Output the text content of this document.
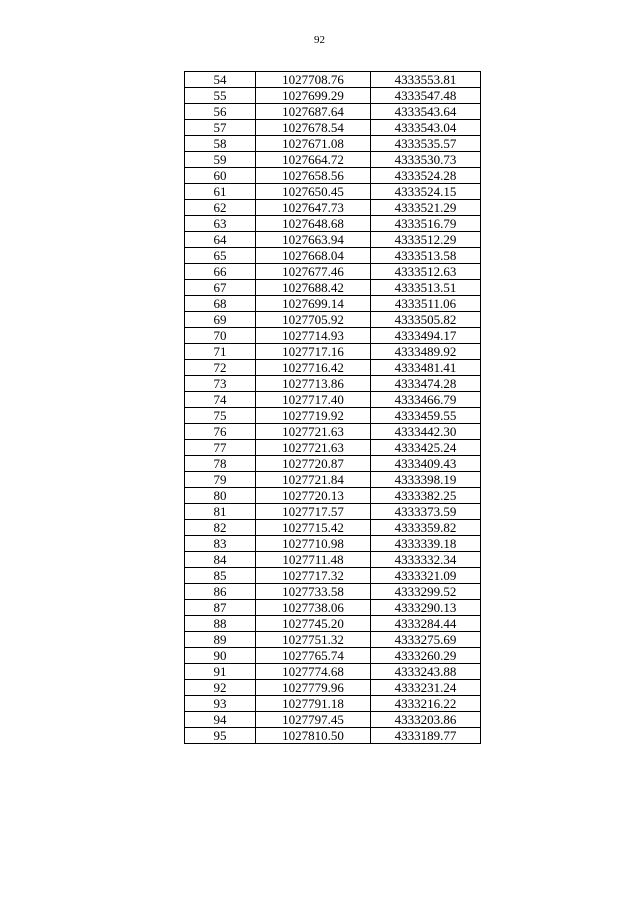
92
54	1027708.76	4333553.81
55	1027699.29	4333547.48
56	1027687.64	4333543.64
57	1027678.54	4333543.04
58	1027671.08	4333535.57
59	1027664.72	4333530.73
60	1027658.56	4333524.28
61	1027650.45	4333524.15
62	1027647.73	4333521.29
63	1027648.68	4333516.79
64	1027663.94	4333512.29
65	1027668.04	4333513.58
66	1027677.46	4333512.63
67	1027688.42	4333513.51
68	1027699.14	4333511.06
69	1027705.92	4333505.82
70	1027714.93	4333494.17
71	1027717.16	4333489.92
72	1027716.42	4333481.41
73	1027713.86	4333474.28
74	1027717.40	4333466.79
75	1027719.92	4333459.55
76	1027721.63	4333442.30
77	1027721.63	4333425.24
78	1027720.87	4333409.43
79	1027721.84	4333398.19
80	1027720.13	4333382.25
81	1027717.57	4333373.59
82	1027715.42	4333359.82
83	1027710.98	4333339.18
84	1027711.48	4333332.34
85	1027717.32	4333321.09
86	1027733.58	4333299.52
87	1027738.06	4333290.13
88	1027745.20	4333284.44
89	1027751.32	4333275.69
90	1027765.74	4333260.29
91	1027774.68	4333243.88
92	1027779.96	4333231.24
93	1027791.18	4333216.22
94	1027797.45	4333203.86
95	1027810.50	4333189.77
